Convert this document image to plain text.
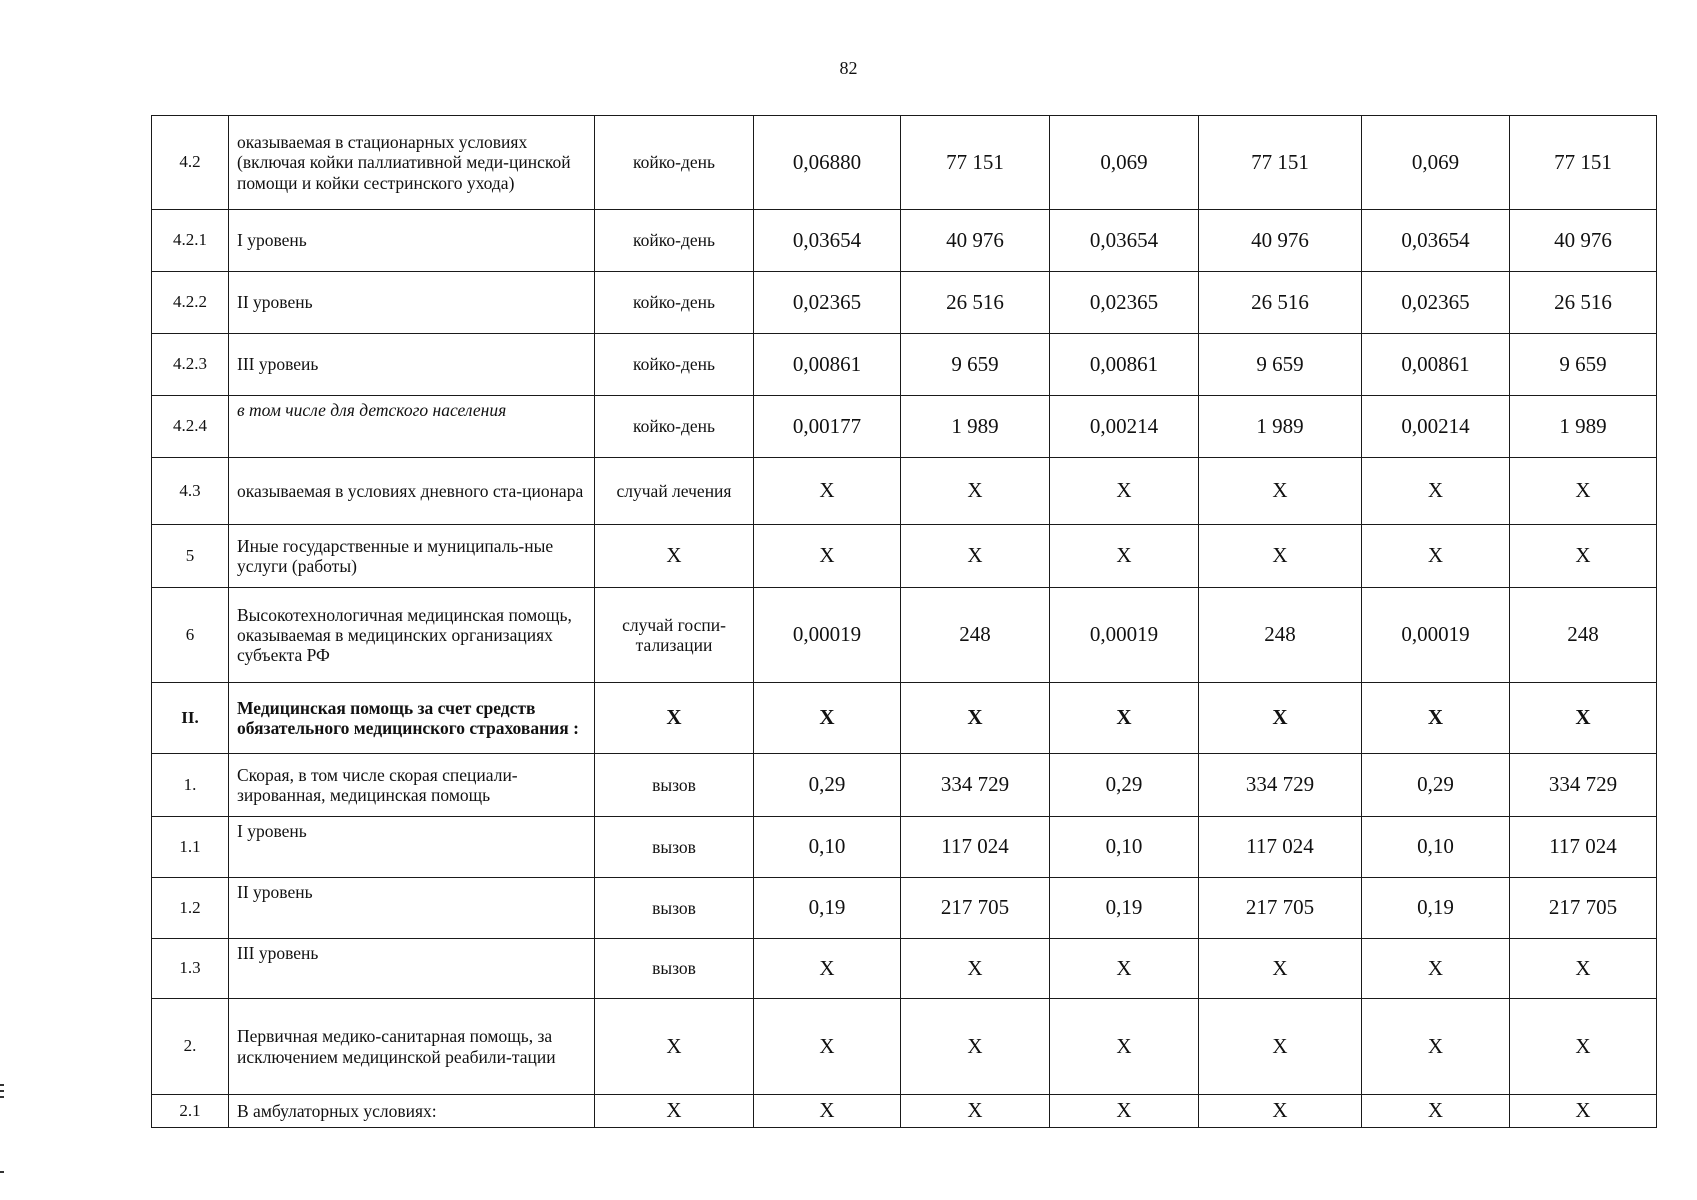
82
4.2	оказываемая в стационарных условиях (включая койки паллиативной меди-цинской помощи и койки сестринского ухода)	койко-день	0,06880	77 151	0,069	77 151	0,069	77 151
4.2.1	I уровень	койко-день	0,03654	40 976	0,03654	40 976	0,03654	40 976
4.2.2	II уровень	койко-день	0,02365	26 516	0,02365	26 516	0,02365	26 516
4.2.3	III уровеиь	койко-день	0,00861	9 659	0,00861	9 659	0,00861	9 659
4.2.4	в том числе для детского населения	койко-день	0,00177	1 989	0,00214	1 989	0,00214	1 989
4.3	оказываемая в условиях дневного ста-ционара	случай лечения	X	X	X	X	X	X
5	Иные государственные и муниципаль-ные услуги (работы)	X	X	X	X	X	X	X
6	Высокотехнологичная медицинская помощь, оказываемая в медицинских организациях субъекта РФ	случай госпи-тализации	0,00019	248	0,00019	248	0,00019	248
II.	Медицинская помощь за счет средств обязательного медицинского страхования :	X	X	X	X	X	X	X
1.	Скорая, в том числе скорая специали-зированная, медицинская помощь	вызов	0,29	334 729	0,29	334 729	0,29	334 729
1.1	I уровень	вызов	0,10	117 024	0,10	117 024	0,10	117 024
1.2	II уровень	вызов	0,19	217 705	0,19	217 705	0,19	217 705
1.3	III уровень	вызов	X	X	X	X	X	X
2.	Первичная медико-санитарная помощь, за исключением медицинской реабили-тации	X	X	X	X	X	X	X
2.1	В амбулаторных условиях:	X	X	X	X	X	X	X
